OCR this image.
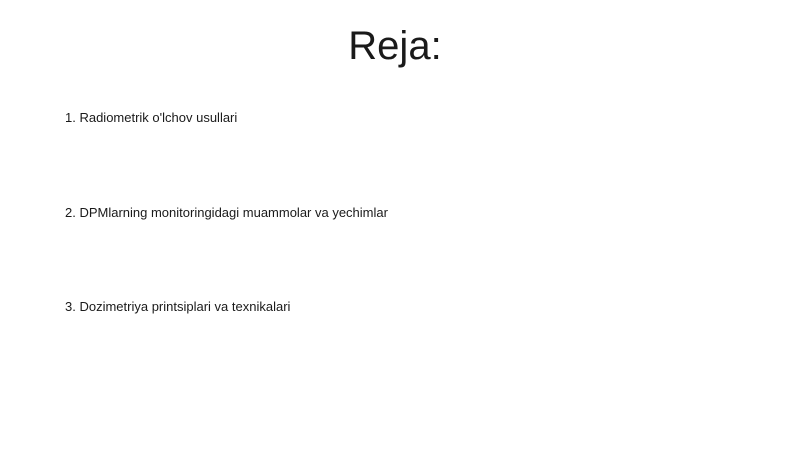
Reja:
1. Radiometrik o'lchov usullari
2. DPMlarning monitoringidagi muammolar va yechimlar
3. Dozimetriya printsiplari va texnikalari
